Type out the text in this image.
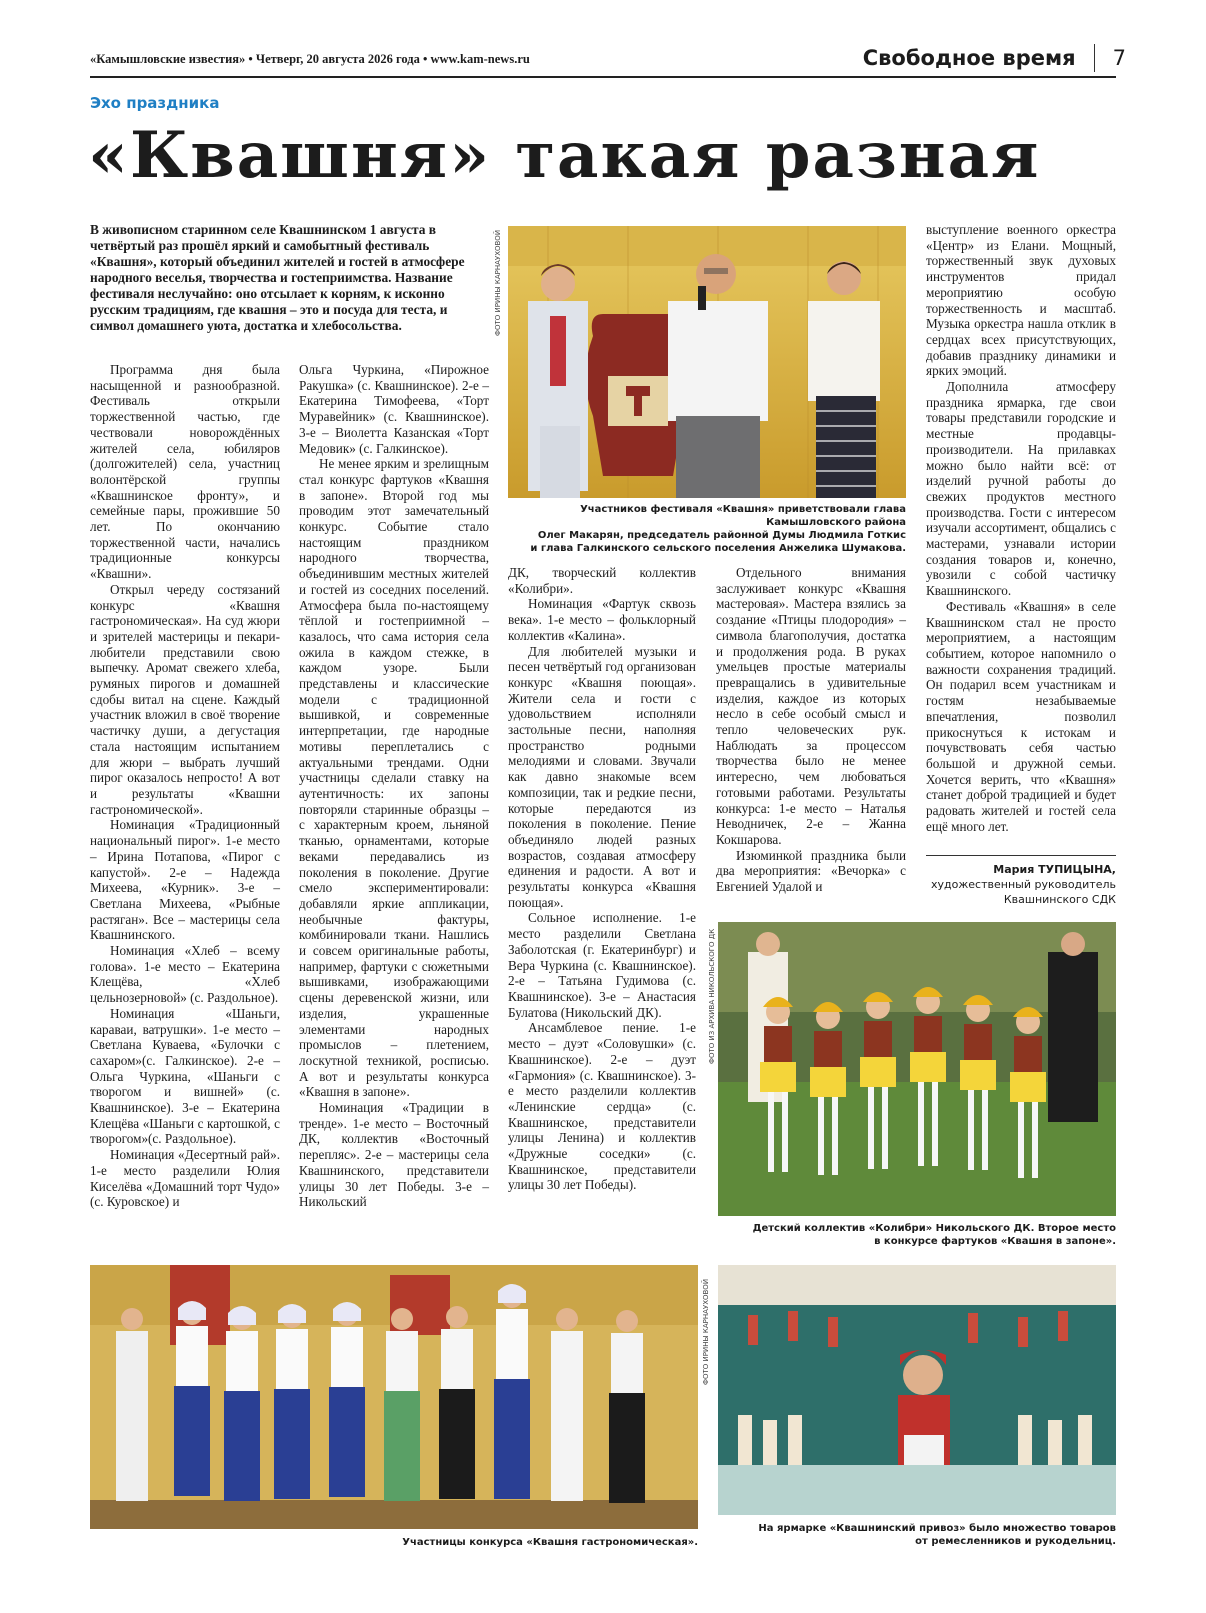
«Камышловские известия» • Четверг, 20 августа 2026 года • www.kam-news.ru	Свободное время 7
Эхо праздника
«Квашня» такая разная
В живописном старинном селе Квашнинском 1 августа в четвёртый раз прошёл яркий и самобытный фестиваль «Квашня», который объединил жителей и гостей в атмосфере народного веселья, творчества и гостеприимства. Название фестиваля неслучайно: оно отсылает к корням, к исконно русским традициям, где квашня – это и посуда для теста, и символ домашнего уюта, достатка и хлебосольства.	ФОТО ИРИНЫ КАРНАУХОВОЙ
Участников фестиваля «Квашня» приветствовали глава Камышловского района
Олег Макарян, председатель районной Думы Людмила Готкис
и глава Галкинского сельского поселения Анжелика Шумакова.

Программа дня была насыщенной и разнообразной. Фестиваль открыли торжественной частью, где чествовали новорождённых жителей села, юбиляров (долгожителей) села, участниц волонтёрской группы «Квашнинское фронту», и семейные пары, прожившие 50 лет. По окончанию торжественной части, начались традиционные конкурсы «Квашни».

Открыл череду состязаний конкурс «Квашня гастрономическая». На суд жюри и зрителей мастерицы и пекари-любители представили свою выпечку. Аромат свежего хлеба, румяных пирогов и домашней сдобы витал на сцене. Каждый участник вложил в своё творение частичку души, а дегустация стала настоящим испытанием для жюри – выбрать лучший пирог оказалось непросто! А вот и результаты «Квашни гастрономической».

Номинация «Традиционный национальный пирог». 1-е место – Ирина Потапова, «Пирог с капустой». 2-е – Надежда Михеева, «Курник». 3-е – Светлана Михеева, «Рыбные растяган». Все – мастерицы села Квашнинского.

Номинация «Хлеб – всему голова». 1-е место – Екатерина Клещёва, «Хлеб цельнозерновой» (с. Раздольное).

Номинация «Шаньги, караваи, ватрушки». 1-е место – Светлана Куваева, «Булочки с сахаром»(с. Галкинское). 2-е – Ольга Чуркина, «Шаньги с творогом и вишней» (с. Квашнинское). 3-е – Екатерина Клещёва «Шаньги с картошкой, с творогом»(с. Раздольное).

Номинация «Десертный рай». 1-е место разделили Юлия Киселёва «Домашний торт Чудо» (с. Куровское) и

Ольга Чуркина, «Пирожное Ракушка» (с. Квашнинское). 2-е – Екатерина Тимофеева, «Торт Муравейник» (с. Квашнинское). 3-е – Виолетта Казанская «Торт Медовик» (с. Галкинское).

Не менее ярким и зрелищным стал конкурс фартуков «Квашня в запоне». Второй год мы проводим этот замечательный конкурс. Событие стало настоящим праздником народного творчества, объединившим местных жителей и гостей из соседних поселений. Атмосфера была по-настоящему тёплой и гостеприимной – казалось, что сама история села ожила в каждом стежке, в каждом узоре. Были представлены и классические модели с традиционной вышивкой, и современные интерпретации, где народные мотивы переплетались с актуальными трендами. Одни участницы сделали ставку на аутентичность: их запоны повторяли старинные образцы – с характерным кроем, льняной тканью, орнаментами, которые веками передавались из поколения в поколение. Другие смело экспериментировали: добавляли яркие аппликации, необычные фактуры, комбинировали ткани. Нашлись и совсем оригинальные работы, например, фартуки с сюжетными вышивками, изображающими сцены деревенской жизни, или изделия, украшенные элементами народных промыслов – плетением, лоскутной техникой, росписью. А вот и результаты конкурса «Квашня в запоне».

Номинация «Традиции в тренде». 1-е место – Восточный ДК, коллектив «Восточный перепляс». 2-е – мастерицы села Квашнинского, представители улицы 30 лет Победы. 3-е – Никольский

ДК, творческий коллектив «Колибри».

Номинация «Фартук сквозь века». 1-е место – фольклорный коллектив «Калина».

Для любителей музыки и песен четвёртый год организован конкурс «Квашня поющая». Жители села и гости с удовольствием исполняли застольные песни, наполняя пространство родными мелодиями и словами. Звучали как давно знакомые всем композиции, так и редкие песни, которые передаются из поколения в поколение. Пение объединяло людей разных возрастов, создавая атмосферу единения и радости. А вот и результаты конкурса «Квашня поющая».

Сольное исполнение. 1-е место разделили Светлана Заболотская (г. Екатеринбург) и Вера Чуркина (с. Квашнинское). 2-е – Татьяна Гудимова (с. Квашнинское). 3-е – Анастасия Булатова (Никольский ДК).

Ансамблевое пение. 1-е место – дуэт «Соловушки» (с. Квашнинское). 2-е – дуэт «Гармония» (с. Квашнинское). 3-е место разделили коллектив «Ленинские сердца» (с. Квашнинское, представители улицы Ленина) и коллектив «Дружные соседки» (с. Квашнинское, представители улицы 30 лет Победы).

Отдельного внимания заслуживает конкурс «Квашня мастеровая». Мастера взялись за создание «Птицы плодородия» – символа благополучия, достатка и продолжения рода. В руках умельцев простые материалы превращались в удивительные изделия, каждое из которых несло в себе особый смысл и тепло человеческих рук. Наблюдать за процессом творчества было не менее интересно, чем любоваться готовыми работами. Результаты конкурса: 1-е место – Наталья Неводничек, 2-е – Жанна Кокшарова.

Изюминкой праздника были два мероприятия: «Вечорка» с Евгенией Удалой и

выступление военного оркестра «Центр» из Елани. Мощный, торжественный звук духовых инструментов придал мероприятию особую торжественность и масштаб. Музыка оркестра нашла отклик в сердцах всех присутствующих, добавив празднику динамики и ярких эмоций.

Дополнила атмосферу праздника ярмарка, где свои товары представили городские и местные продавцы-производители. На прилавках можно было найти всё: от изделий ручной работы до свежих продуктов местного производства. Гости с интересом изучали ассортимент, общались с мастерами, узнавали истории создания товаров и, конечно, увозили с собой частичку Квашнинского.

Фестиваль «Квашня» в селе Квашнинском стал не просто мероприятием, а настоящим событием, которое напомнило о важности сохранения традиций. Он подарил всем участникам и гостям незабываемые впечатления, позволил прикоснуться к истокам и почувствовать себя частью большой и дружной семьи. Хочется верить, что «Квашня» станет доброй традицией и будет радовать жителей и гостей села ещё много лет.

Мария ТУПИЦЫНА,
художественный руководитель
Квашнинского СДК
ФОТО ИЗ АРХИВА НИКОЛЬСКОГО ДК
Детский коллектив «Колибри» Никольского ДК. Второе место
в конкурсе фартуков «Квашня в запоне».
ФОТО ИРИНЫ КАРНАУХОВОЙ
Участницы конкурса «Квашня гастрономическая».
На ярмарке «Квашнинский привоз» было множество товаров
от ремесленников и рукодельниц.
